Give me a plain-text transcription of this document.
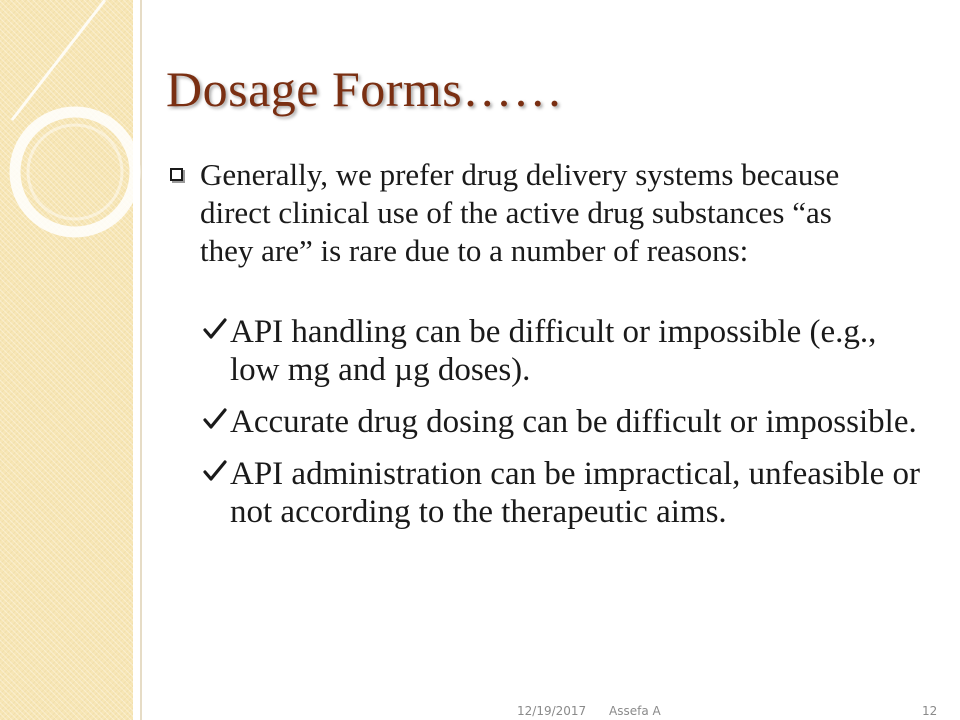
Dosage Forms……
Generally, we prefer drug delivery systems because direct clinical use of the active drug substances “as they are” is rare due to a number of reasons:
API handling can be difficult or impossible (e.g., low mg and µg doses).
Accurate drug dosing can be difficult or impossible.
API administration can be impractical, unfeasible or not according to the therapeutic aims.
12/19/2017 Assefa A	12
